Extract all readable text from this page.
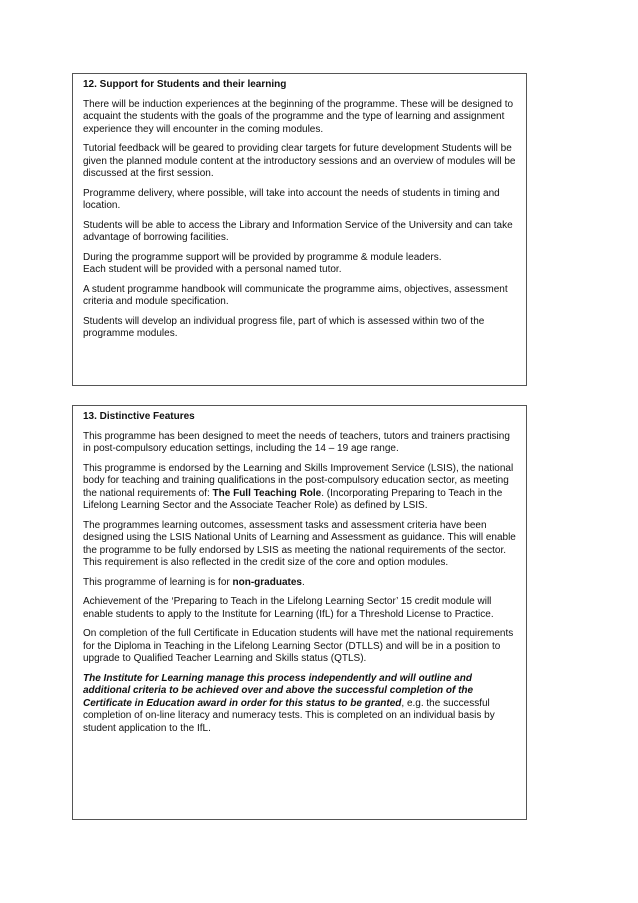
12. Support for Students and their learning

There will be induction experiences at the beginning of the programme. These will be designed to acquaint the students with the goals of the programme and the type of learning and assignment experience they will encounter in the coming modules.

Tutorial feedback will be geared to providing clear targets for future development Students will be given the planned module content at the introductory sessions and an overview of modules will be discussed at the first session.

Programme delivery, where possible, will take into account the needs of students in timing and location.

Students will be able to access the Library and Information Service of the University and can take advantage of borrowing facilities.

During the programme support will be provided by programme & module leaders.
Each student will be provided with a personal named tutor.

A student programme handbook will communicate the programme aims, objectives, assessment criteria and module specification.

Students will develop an individual progress file, part of which is assessed within two of the programme modules.

13. Distinctive Features

This programme has been designed to meet the needs of teachers, tutors and trainers practising in post-compulsory education settings, including the 14 – 19 age range.

This programme is endorsed by the Learning and Skills Improvement Service (LSIS), the national body for teaching and training qualifications in the post-compulsory education sector, as meeting the national requirements of: The Full Teaching Role. (Incorporating Preparing to Teach in the Lifelong Learning Sector and the Associate Teacher Role) as defined by LSIS.

The programmes learning outcomes, assessment tasks and assessment criteria have been designed using the LSIS National Units of Learning and Assessment as guidance. This will enable the programme to be fully endorsed by LSIS as meeting the national requirements of the sector. This requirement is also reflected in the credit size of the core and option modules.

This programme of learning is for non-graduates.

Achievement of the ‘Preparing to Teach in the Lifelong Learning Sector’ 15 credit module will enable students to apply to the Institute for Learning (IfL) for a Threshold License to Practice.

On completion of the full Certificate in Education students will have met the national requirements for the Diploma in Teaching in the Lifelong Learning Sector (DTLLS) and will be in a position to upgrade to Qualified Teacher Learning and Skills status (QTLS).

The Institute for Learning manage this process independently and will outline and additional criteria to be achieved over and above the successful completion of the Certificate in Education award in order for this status to be granted, e.g. the successful completion of on-line literacy and numeracy tests. This is completed on an individual basis by student application to the IfL.
